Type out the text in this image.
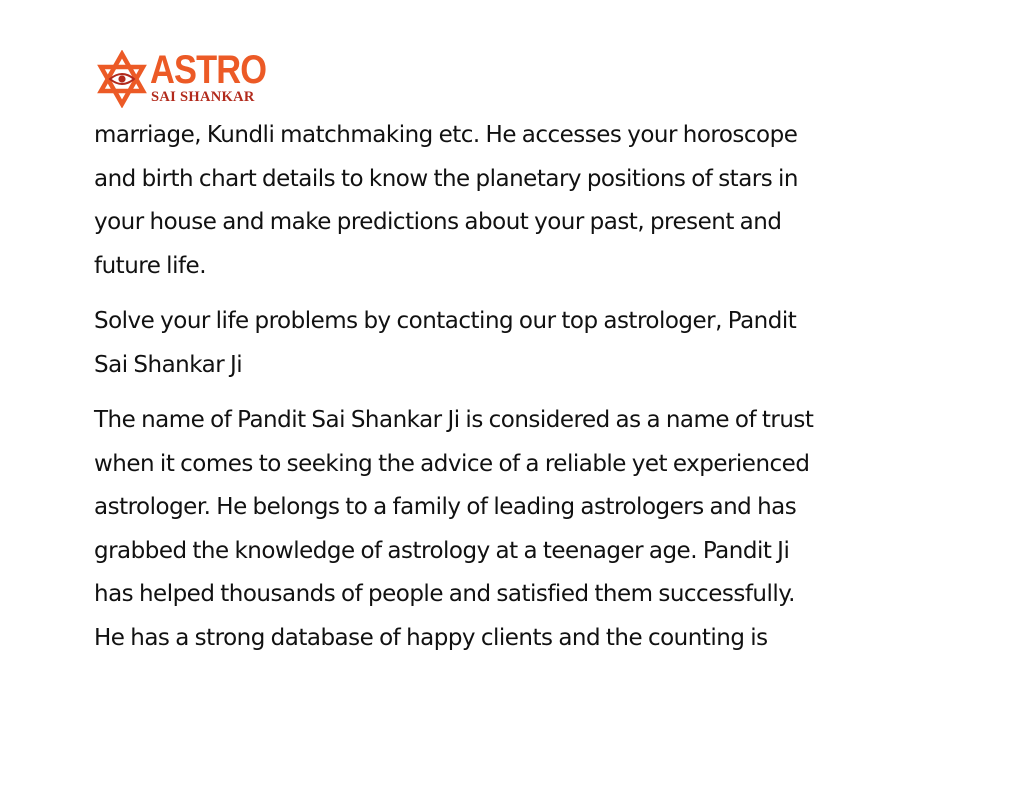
ASTRO
SAI SHANKAR

marriage, Kundli matchmaking etc. He accesses your horoscope

and birth chart details to know the planetary positions of stars in

your house and make predictions about your past, present and

future life.

Solve your life problems by contacting our top astrologer, Pandit

Sai Shankar Ji

The name of Pandit Sai Shankar Ji is considered as a name of trust

when it comes to seeking the advice of a reliable yet experienced

astrologer. He belongs to a family of leading astrologers and has

grabbed the knowledge of astrology at a teenager age. Pandit Ji

has helped thousands of people and satisfied them successfully.

He has a strong database of happy clients and the counting is
